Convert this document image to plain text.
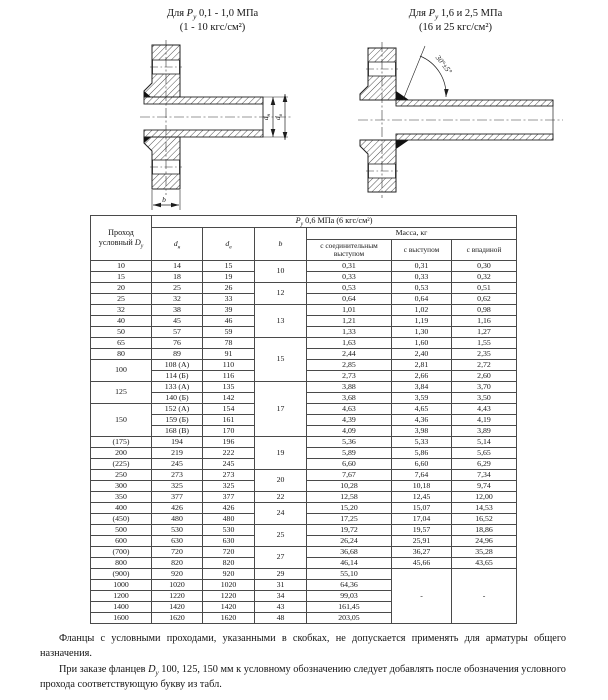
Для $P_у$ 0,1 - 1,0 МПа
(1 - 10 кгс/см²)
Для $P_у$ 1,6 и 2,5 МПа
(16 и 25 кгс/см²)
dн
dв
b
30°±5°
Проход
условный $D_у$	$P_у$ 0,6 МПа (6 кгс/см²)					
	$d_н$	$d_в$	b	Масса, кг		
				с соединительным выступом	с выступом	с впадиной
10	14	15	10	0,31	0,31	0,30
15	18	19		0,33	0,33	0,32
20	25	26	12	0,53	0,53	0,51
25	32	33		0,64	0,64	0,62
32	38	39	13	1,01	1,02	0,98
40	45	46		1,21	1,19	1,16
50	57	59		1,33	1,30	1,27
65	76	78	15	1,63	1,60	1,55
80	89	91		2,44	2,40	2,35
100	108 (А)	110		2,85	2,81	2,72
	114 (Б)	116		2,73	2,66	2,60
125	133 (А)	135	17	3,88	3,84	3,70
	140 (Б)	142		3,68	3,59	3,50
150	152 (А)	154		4,63	4,65	4,43
	159 (Б)	161		4,39	4,36	4,19
	168 (В)	170		4,09	3,98	3,89
(175)	194	196	19	5,36	5,33	5,14
200	219	222		5,89	5,86	5,65
(225)	245	245		6,60	6,60	6,29
250	273	273	20	7,67	7,64	7,34
300	325	325		10,28	10,18	9,74
350	377	377	22	12,58	12,45	12,00
400	426	426	24	15,20	15,07	14,53
(450)	480	480		17,25	17,04	16,52
500	530	530	25	19,72	19,57	18,86
600	630	630		26,24	25,91	24,96
(700)	720	720	27	36,68	36,27	35,28
800	820	820		46,14	45,66	43,65
(900)	920	920	29	55,10	-	-
1000	1020	1020	31	64,36		
1200	1220	1220	34	99,03		
1400	1420	1420	43	161,45		
1600	1620	1620	48	203,05		

Фланцы с условными проходами, указанными в скобках, не допускается применять для арматуры общего назначения.

При заказе фланцев $D_у$ 100, 125, 150 мм к условному обозначению следует добавлять после обозначения условного прохода соответствующую букву из табл.
